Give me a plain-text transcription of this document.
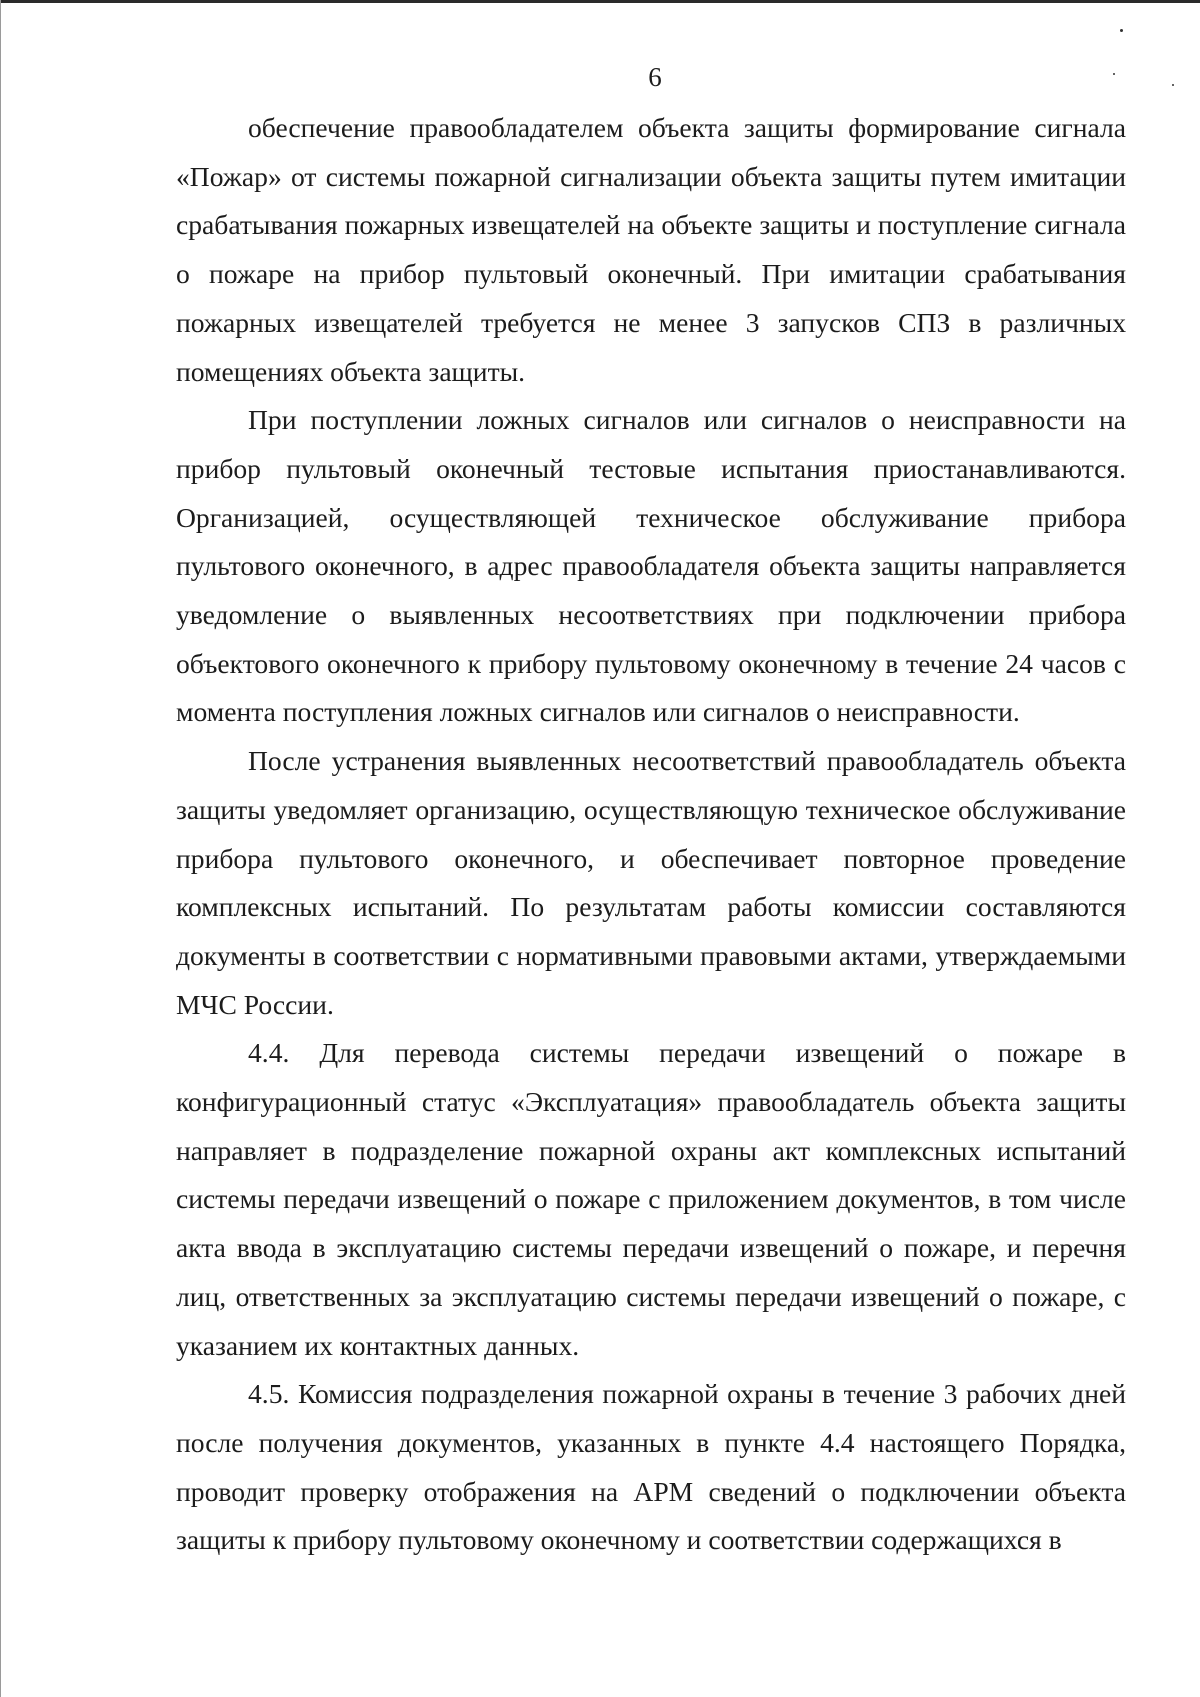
6

обеспечение правообладателем объекта защиты формирование сигнала «Пожар» от системы пожарной сигнализации объекта защиты путем имитации срабатывания пожарных извещателей на объекте защиты и поступление сигнала о пожаре на прибор пультовый оконечный. При имитации срабатывания пожарных извещателей требуется не менее 3 запусков СПЗ в различных помещениях объекта защиты.

При поступлении ложных сигналов или сигналов о неисправности на прибор пультовый оконечный тестовые испытания приостанавливаются. Организацией, осуществляющей техническое обслуживание прибора пультового оконечного, в адрес правообладателя объекта защиты направляется уведомление о выявленных несоответствиях при подключении прибора объектового оконечного к прибору пультовому оконечному в течение 24 часов с момента поступления ложных сигналов или сигналов о неисправности.

После устранения выявленных несоответствий правообладатель объекта защиты уведомляет организацию, осуществляющую техническое обслуживание прибора пультового оконечного, и обеспечивает повторное проведение комплексных испытаний. По результатам работы комиссии составляются документы в соответствии с нормативными правовыми актами, утверждаемыми МЧС России.

4.4. Для перевода системы передачи извещений о пожаре в конфигурационный статус «Эксплуатация» правообладатель объекта защиты направляет в подразделение пожарной охраны акт комплексных испытаний системы передачи извещений о пожаре с приложением документов, в том числе акта ввода в эксплуатацию системы передачи извещений о пожаре, и перечня лиц, ответственных за эксплуатацию системы передачи извещений о пожаре, с указанием их контактных данных.

4.5. Комиссия подразделения пожарной охраны в течение 3 рабочих дней после получения документов, указанных в пункте 4.4 настоящего Порядка, проводит проверку отображения на АРМ сведений о подключении объекта защиты к прибору пультовому оконечному и соответствии содержащихся в
